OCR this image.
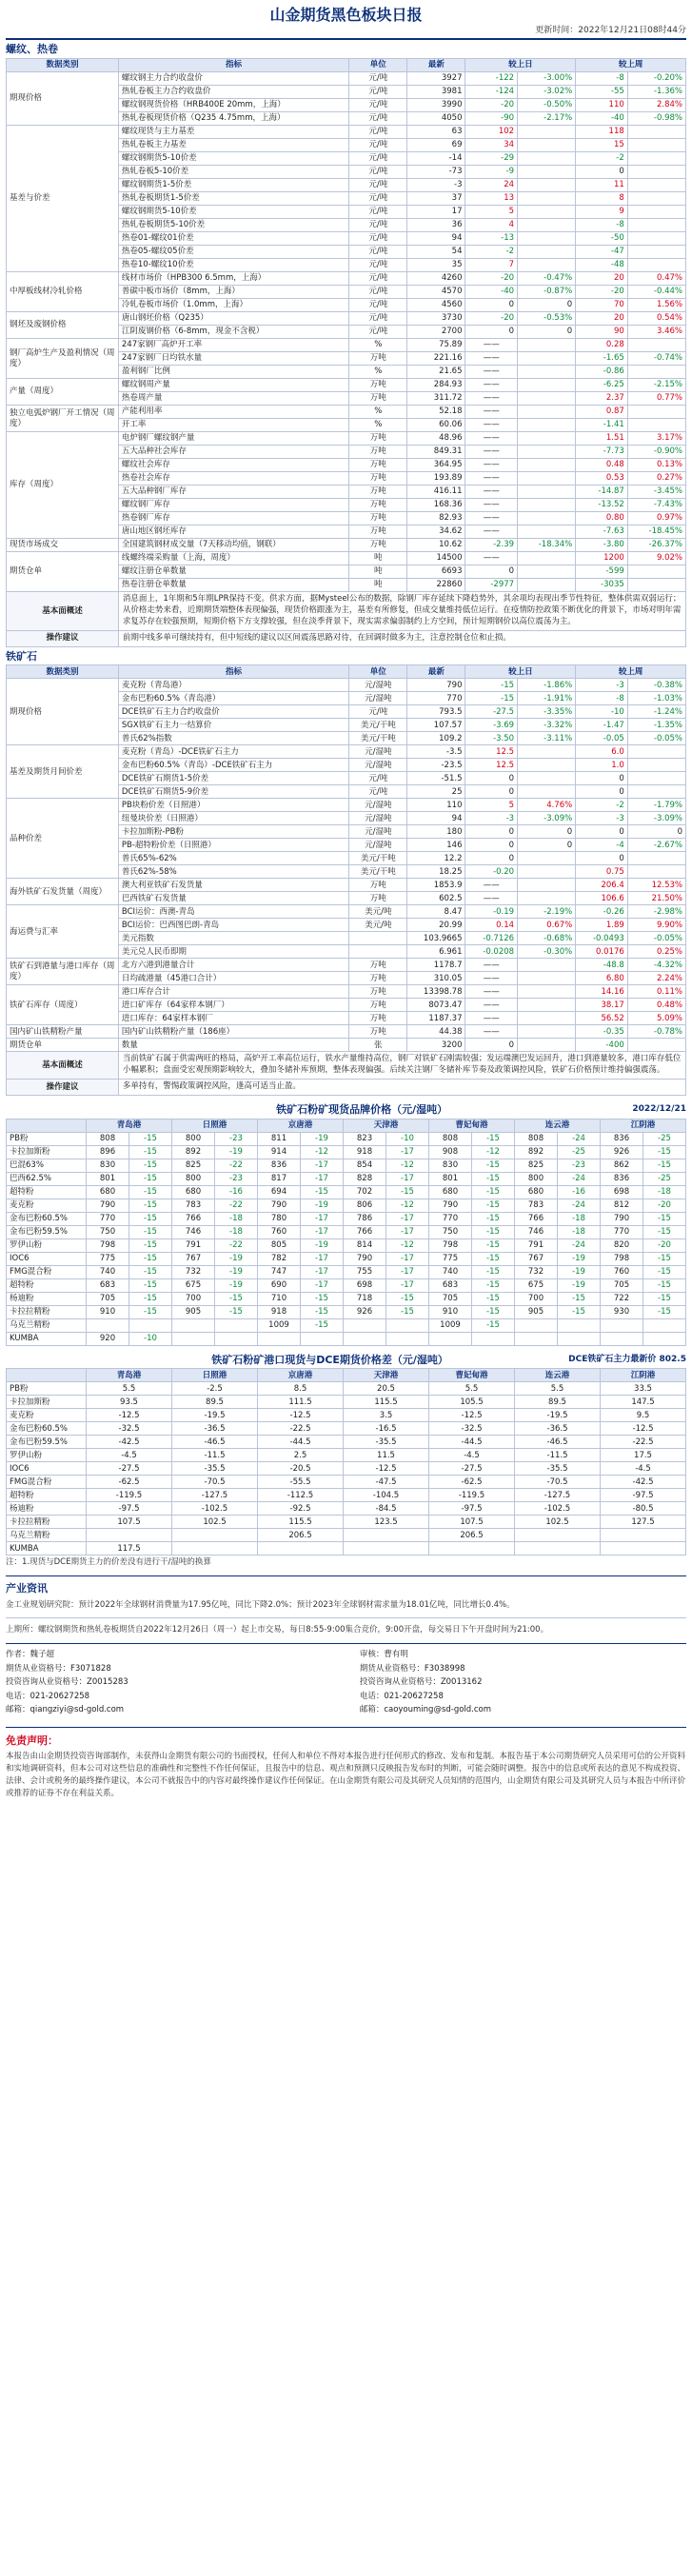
山金期货黑色板块日报
更新时间：2022年12月21日08时44分
螺纹、热卷
数据类别	指标	单位	最新	较上日		较上周	
期现价格	螺纹钢主力合约收盘价	元/吨	3927	-122	-3.00%	-8	-0.20%
	热轧卷板主力合约收盘价	元/吨	3981	-124	-3.02%	-55	-1.36%
	螺纹钢现货价格（HRB400E 20mm，上海）	元/吨	3990	-20	-0.50%	110	2.84%
	热轧卷板现货价格（Q235 4.75mm，上海）	元/吨	4050	-90	-2.17%	-40	-0.98%
基差与价差	螺纹现货与主力基差	元/吨	63	102		118	
	热轧卷板主力基差	元/吨	69	34		15	
	螺纹钢期货5-10价差	元/吨	-14	-29		-2	
	热轧卷板5-10价差	元/吨	-73	-9		0	
	螺纹钢期货1-5价差	元/吨	-3	24		11	
	热轧卷板期货1-5价差	元/吨	37	13		8	
	螺纹钢期货5-10价差	元/吨	17	5		9	
	热轧卷板期货5-10价差	元/吨	36	4		-8	
	热卷01-螺纹01价差	元/吨	94	-13		-50	
	热卷05-螺纹05价差	元/吨	54	-2		-47	
	热卷10-螺纹10价差	元/吨	35	7		-48	
中厚板线材冷轧价格	线材市场价（HPB300 6.5mm，上海）	元/吨	4260	-20	-0.47%	20	0.47%
	普碳中板市场价（8mm，上海）	元/吨	4570	-40	-0.87%	-20	-0.44%
	冷轧卷板市场价（1.0mm，上海）	元/吨	4560	0	0	70	1.56%
钢坯及废钢价格	唐山钢坯价格（Q235）	元/吨	3730	-20	-0.53%	20	0.54%
	江阴废钢价格（6-8mm，现金不含税）	元/吨	2700	0	0	90	3.46%
钢厂高炉生产及盈利情况（周度）	247家钢厂高炉开工率	%	75.89	——		0.28	
	247家钢厂日均铁水量	万吨	221.16	——		-1.65	-0.74%
	盈利钢厂比例	%	21.65	——		-0.86	
产量（周度）	螺纹钢周产量	万吨	284.93	——		-6.25	-2.15%
	热卷周产量	万吨	311.72	——		2.37	0.77%
独立电弧炉钢厂开工情况（周度）	产能利用率	%	52.18	——		0.87	
	开工率	%	60.06	——		-1.41	
库存（周度）	电炉钢厂螺纹钢产量	万吨	48.96	——		1.51	3.17%
	五大品种社会库存	万吨	849.31	——		-7.73	-0.90%
	螺纹社会库存	万吨	364.95	——		0.48	0.13%
	热卷社会库存	万吨	193.89	——		0.53	0.27%
	五大品种钢厂库存	万吨	416.11	——		-14.87	-3.45%
	螺纹钢厂库存	万吨	168.36	——		-13.52	-7.43%
	热卷钢厂库存	万吨	82.93	——		0.80	0.97%
	唐山地区钢坯库存	万吨	34.62	——		-7.63	-18.45%
现货市场成交	全国建筑钢材成交量（7天移动均值，钢联）	万吨	10.62	-2.39	-18.34%	-3.80	-26.37%
期货仓单	线螺终端采购量（上海，周度）	吨	14500	——		1200	9.02%
	螺纹注册仓单数量	吨	6693	0		-599	
	热卷注册仓单数量	吨	22860	-2977		-3035	
基本面概述	消息面上，1年期和5年期LPR保持不变。供求方面，据Mysteel公布的数据，除钢厂库存延续下降趋势外，其余项均表现出季节性特征，整体供需双弱运行；从价格走势来看，近期期货端整体表现偏强，现货价格跟涨为主，基差有所修复，但成交量维持低位运行。在疫情防控政策不断优化的背景下，市场对明年需求复苏存在较强预期，短期价格下方支撑较强，但在淡季背景下，现实需求偏弱制约上方空间，预计短期钢价以高位震荡为主。						
操作建议	前期中线多单可继续持有，但中短线的建议以区间震荡思路对待，在回调时做多为主，注意控制仓位和止损。						
铁矿石
数据类别	指标	单位	最新	较上日		较上周	
期现价格	麦克粉（青岛港）	元/湿吨	790	-15	-1.86%	-3	-0.38%
	金布巴粉60.5%（青岛港）	元/湿吨	770	-15	-1.91%	-8	-1.03%
	DCE铁矿石主力合约收盘价	元/吨	793.5	-27.5	-3.35%	-10	-1.24%
	SGX铁矿石主力一结算价	美元/干吨	107.57	-3.69	-3.32%	-1.47	-1.35%
	普氏62%指数	美元/干吨	109.2	-3.50	-3.11%	-0.05	-0.05%
基差及期货月间价差	麦克粉（青岛）-DCE铁矿石主力	元/湿吨	-3.5	12.5		6.0	
	金布巴粉60.5%（青岛）-DCE铁矿石主力	元/湿吨	-23.5	12.5		1.0	
	DCE铁矿石期货1-5价差	元/吨	-51.5	0		0	
	DCE铁矿石期货5-9价差	元/吨	25	0		0	
品种价差	PB块粉价差（日照港）	元/湿吨	110	5	4.76%	-2	-1.79%
	纽曼块价差（日照港）	元/湿吨	94	-3	-3.09%	-3	-3.09%
	卡拉加斯粉-PB粉	元/湿吨	180	0	0	0	0
	PB-超特粉价差（日照港）	元/湿吨	146	0	0	-4	-2.67%
	普氏65%-62%	美元/干吨	12.2	0		0	
	普氏62%-58%	美元/干吨	18.25	-0.20		0.75	
海外铁矿石发货量（周度）	澳大利亚铁矿石发货量	万吨	1853.9	——		206.4	12.53%
	巴西铁矿石发货量	万吨	602.5	——		106.6	21.50%
海运费与汇率	BCI运价：西澳-青岛	美元/吨	8.47	-0.19	-2.19%	-0.26	-2.98%
	BCI运价：巴西图巴朗-青岛	美元/吨	20.99	0.14	0.67%	1.89	9.90%
	美元指数		103.9665	-0.7126	-0.68%	-0.0493	-0.05%
	美元兑人民币即期		6.961	-0.0208	-0.30%	0.0176	0.25%
铁矿石到港量与港口库存（周度）	北方六港到港量合计	万吨	1178.7	——		-48.8	-4.32%
	日均疏港量（45港口合计）	万吨	310.05	——		6.80	2.24%
铁矿石库存（周度）	港口库存合计	万吨	13398.78	——		14.16	0.11%
	进口矿库存（64家样本钢厂）	万吨	8073.47	——		38.17	0.48%
	进口库存：64家样本钢厂	万吨	1187.37	——		56.52	5.09%
国内矿山铁精粉产量	国内矿山铁精粉产量（186座）	万吨	44.38	——		-0.35	-0.78%
期货仓单	数量	张	3200	0		-400	
基本面概述	当前铁矿石属于供需两旺的格局，高炉开工率高位运行，铁水产量维持高位，钢厂对铁矿石刚需较强；发运端澳巴发运回升，港口到港量较多，港口库存低位小幅累积；盘面受宏观预期影响较大，叠加冬储补库预期，整体表现偏强。后续关注钢厂冬储补库节奏及政策调控风险，铁矿石价格预计维持偏强震荡。						
操作建议	多单持有，警惕政策调控风险，逢高可适当止盈。						
铁矿石粉矿现货品牌价格（元/湿吨）	2022/12/21
	青岛港		日照港		京唐港		天津港		曹妃甸港		连云港		江阴港	
PB粉	808	-15	800	-23	811	-19	823	-10	808	-15	808	-24	836	-25
卡拉加斯粉	896	-15	892	-19	914	-12	918	-17	908	-12	892	-25	926	-15
巴混63%	830	-15	825	-22	836	-17	854	-12	830	-15	825	-23	862	-15
巴西62.5%	801	-15	800	-23	817	-17	828	-17	801	-15	800	-24	836	-25
超特粉	680	-15	680	-16	694	-15	702	-15	680	-15	680	-16	698	-18
麦克粉	790	-15	783	-22	790	-19	806	-12	790	-15	783	-24	812	-20
金布巴粉60.5%	770	-15	766	-18	780	-17	786	-17	770	-15	766	-18	790	-15
金布巴粉59.5%	750	-15	746	-18	760	-17	766	-17	750	-15	746	-18	770	-15
罗伊山粉	798	-15	791	-22	805	-19	814	-12	798	-15	791	-24	820	-20
IOC6	775	-15	767	-19	782	-17	790	-17	775	-15	767	-19	798	-15
FMG混合粉	740	-15	732	-19	747	-17	755	-17	740	-15	732	-19	760	-15
超特粉	683	-15	675	-19	690	-17	698	-17	683	-15	675	-19	705	-15
杨迪粉	705	-15	700	-15	710	-15	718	-15	705	-15	700	-15	722	-15
卡拉拉精粉	910	-15	905	-15	918	-15	926	-15	910	-15	905	-15	930	-15
乌克兰精粉					1009	-15			1009	-15				
KUMBA	920	-10												
铁矿石粉矿港口现货与DCE期货价格差（元/湿吨）	DCE铁矿石主力最新价 802.5
	青岛港	日照港	京唐港	天津港	曹妃甸港	连云港	江阴港
PB粉	5.5	-2.5	8.5	20.5	5.5	5.5	33.5
卡拉加斯粉	93.5	89.5	111.5	115.5	105.5	89.5	147.5
麦克粉	-12.5	-19.5	-12.5	3.5	-12.5	-19.5	9.5
金布巴粉60.5%	-32.5	-36.5	-22.5	-16.5	-32.5	-36.5	-12.5
金布巴粉59.5%	-42.5	-46.5	-44.5	-35.5	-44.5	-46.5	-22.5
罗伊山粉	-4.5	-11.5	2.5	11.5	-4.5	-11.5	17.5
IOC6	-27.5	-35.5	-20.5	-12.5	-27.5	-35.5	-4.5
FMG混合粉	-62.5	-70.5	-55.5	-47.5	-62.5	-70.5	-42.5
超特粉	-119.5	-127.5	-112.5	-104.5	-119.5	-127.5	-97.5
杨迪粉	-97.5	-102.5	-92.5	-84.5	-97.5	-102.5	-80.5
卡拉拉精粉	107.5	102.5	115.5	123.5	107.5	102.5	127.5
乌克兰精粉			206.5		206.5		
KUMBA	117.5						
注：1.现货与DCE期货主力的价差没有进行干/湿吨的换算
产业资讯
金工业规划研究院：预计2022年全球钢材消费量为17.95亿吨，同比下降2.0%；预计2023年全球钢材需求量为18.01亿吨，同比增长0.4%。
上期所：螺纹钢期货和热轧卷板期货自2022年12月26日（周一）起上市交易，每日8:55-9:00集合竞价，9:00开盘，每交易日下午开盘时间为21:00。
作者：魏子超
期货从业资格号：F3071828
投资咨询从业资格号：Z0015283
电话：021-20627258
邮箱：qiangziyi@sd-gold.com
审核：曹有明
期货从业资格号：F3038998
投资咨询从业资格号：Z0013162
电话：021-20627258
邮箱：caoyouming@sd-gold.com
免责声明：
本报告由山金期货投资咨询部制作，未获得山金期货有限公司的书面授权，任何人和单位不得对本报告进行任何形式的修改、发布和复制。本报告基于本公司期货研究人员采用可信的公开资料和实地调研资料，但本公司对这些信息的准确性和完整性不作任何保证，且报告中的信息、观点和预测只反映报告发布时的判断，可能会随时调整。报告中的信息或所表达的意见不构成投资、法律、会计或税务的最终操作建议，本公司不就报告中的内容对最终操作建议作任何保证。在山金期货有限公司及其研究人员知情的范围内，山金期货有限公司及其研究人员与本报告中所评价或推荐的证券不存在利益关系。
